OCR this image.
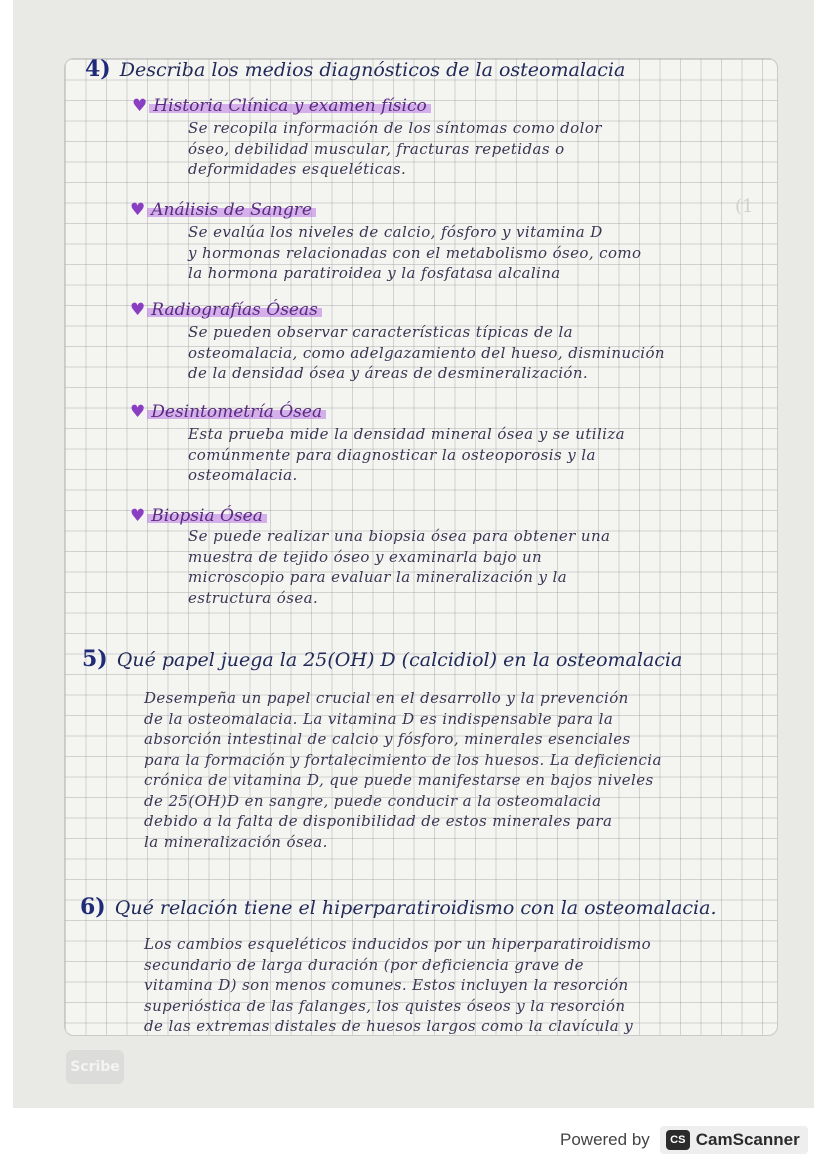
4) Describa los medios diagnósticos de la osteomalacia
♥ Historia Clínica y examen físico
Se recopila información de los síntomas como dolor
óseo, debilidad muscular, fracturas repetidas o
deformidades esqueléticas.
♥ Análisis de Sangre
Se evalúa los niveles de calcio, fósforo y vitamina D
y hormonas relacionadas con el metabolismo óseo, como
la hormona paratiroidea y la fosfatasa alcalina
(1
♥ Radiografías Óseas
Se pueden observar características típicas de la
osteomalacia, como adelgazamiento del hueso, disminución
de la densidad ósea y áreas de desmineralización.
♥ Desintometría Ósea
Esta prueba mide la densidad mineral ósea y se utiliza
comúnmente para diagnosticar la osteoporosis y la
osteomalacia.
♥ Biopsia Ósea
Se puede realizar una biopsia ósea para obtener una
muestra de tejido óseo y examinarla bajo un
microscopio para evaluar la mineralización y la
estructura ósea.
5) Qué papel juega la 25(OH) D (calcidiol) en la osteomalacia
Desempeña un papel crucial en el desarrollo y la prevención
de la osteomalacia. La vitamina D es indispensable para la
absorción intestinal de calcio y fósforo, minerales esenciales
para la formación y fortalecimiento de los huesos. La deficiencia
crónica de vitamina D, que puede manifestarse en bajos niveles
de 25(OH)D en sangre, puede conducir a la osteomalacia
debido a la falta de disponibilidad de estos minerales para
la mineralización ósea.
6) Qué relación tiene el hiperparatiroidismo con la osteomalacia.
Los cambios esqueléticos inducidos por un hiperparatiroidismo
secundario de larga duración (por deficiencia grave de
vitamina D) son menos comunes. Estos incluyen la resorción
superióstica de las falanges, los quistes óseos y la resorción
de las extremas distales de huesos largos como la clavícula y
Scribe
Powered by	CS CamScanner
